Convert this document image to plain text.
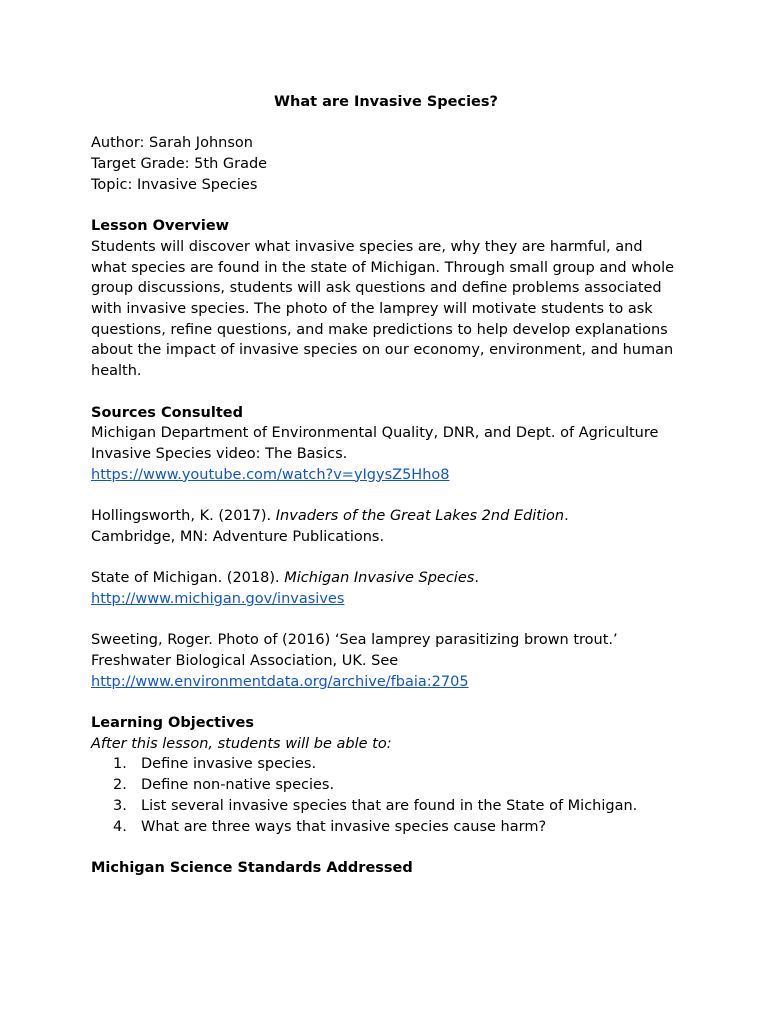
What are Invasive Species?

Author: Sarah Johnson

Target Grade: 5th Grade

Topic: Invasive Species

Lesson Overview

Students will discover what invasive species are, why they are harmful, and what species are found in the state of Michigan. Through small group and whole group discussions, students will ask questions and define problems associated with invasive species. The photo of the lamprey will motivate students to ask questions, refine questions, and make predictions to help develop explanations about the impact of invasive species on our economy, environment, and human health.

Sources Consulted

Michigan Department of Environmental Quality, DNR, and Dept. of Agriculture Invasive Species video: The Basics.

https://www.youtube.com/watch?v=yIgysZ5Hho8

Hollingsworth, K. (2017). Invaders of the Great Lakes 2nd Edition.

Cambridge, MN: Adventure Publications.

State of Michigan. (2018). Michigan Invasive Species.

http://www.michigan.gov/invasives

Sweeting, Roger. Photo of (2016) ‘Sea lamprey parasitizing brown trout.’ Freshwater Biological Association, UK. See

http://www.environmentdata.org/archive/fbaia:2705

Learning Objectives

After this lesson, students will be able to:

1. Define invasive species.
2. Define non-native species.
3. List several invasive species that are found in the State of Michigan.
4. What are three ways that invasive species cause harm?

Michigan Science Standards Addressed
